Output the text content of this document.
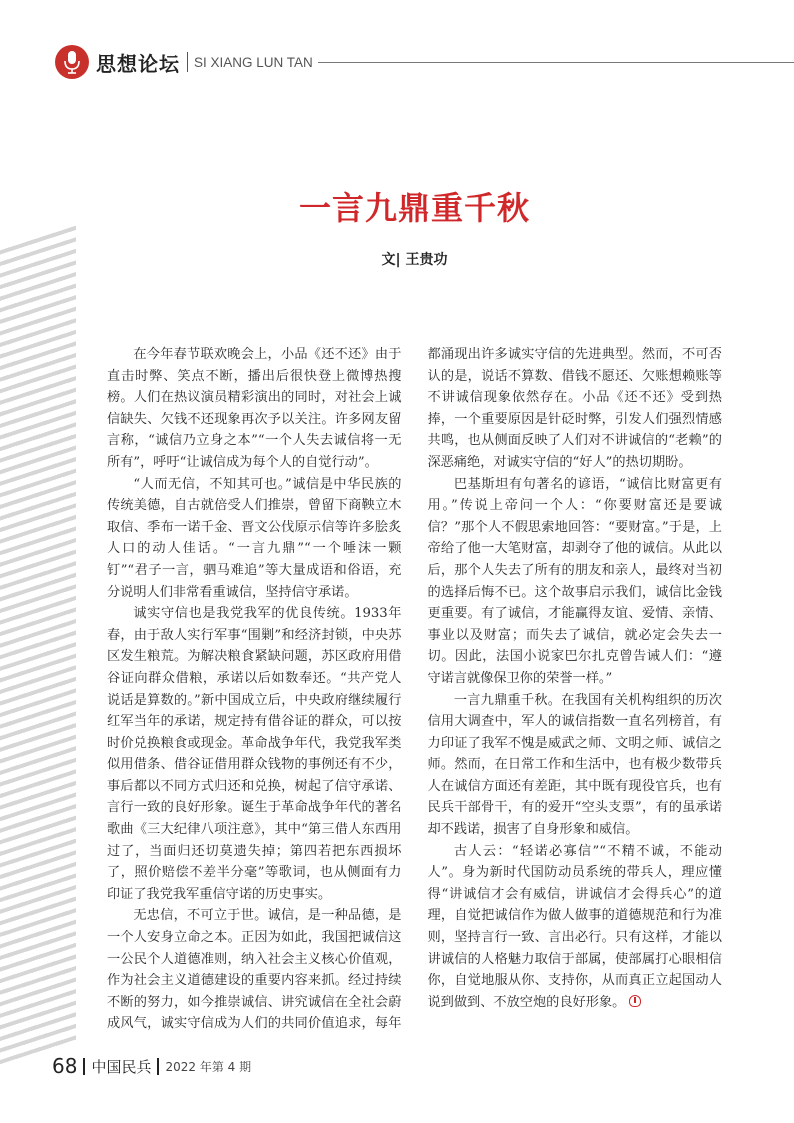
思想论坛 SI XIANG LUN TAN
一言九鼎重千秋
文| 王贵功

在今年春节联欢晚会上，小品《还不还》由于直击时弊、笑点不断，播出后很快登上微博热搜榜。人们在热议演员精彩演出的同时，对社会上诚信缺失、欠钱不还现象再次予以关注。许多网友留言称，“诚信乃立身之本”“一个人失去诚信将一无所有”，呼吁“让诚信成为每个人的自觉行动”。

“人而无信，不知其可也。”诚信是中华民族的传统美德，自古就倍受人们推崇，曾留下商鞅立木取信、季布一诺千金、晋文公伐原示信等许多脍炙人口的动人佳话。“一言九鼎”“一个唾沫一颗钉”“君子一言，驷马难追”等大量成语和俗语，充分说明人们非常看重诚信，坚持信守承诺。

诚实守信也是我党我军的优良传统。1933年春，由于敌人实行军事“围剿”和经济封锁，中央苏区发生粮荒。为解决粮食紧缺问题，苏区政府用借谷证向群众借粮，承诺以后如数奉还。“共产党人说话是算数的。”新中国成立后，中央政府继续履行红军当年的承诺，规定持有借谷证的群众，可以按时价兑换粮食或现金。革命战争年代，我党我军类似用借条、借谷证借用群众钱物的事例还有不少，事后都以不同方式归还和兑换，树起了信守承诺、言行一致的良好形象。诞生于革命战争年代的著名歌曲《三大纪律八项注意》，其中“第三借人东西用过了，当面归还切莫遗失掉；第四若把东西损坏了，照价赔偿不差半分毫”等歌词，也从侧面有力印证了我党我军重信守诺的历史事实。

无忠信，不可立于世。诚信，是一种品德，是一个人安身立命之本。正因为如此，我国把诚信这一公民个人道德准则，纳入社会主义核心价值观，作为社会主义道德建设的重要内容来抓。经过持续不断的努力，如今推崇诚信、讲究诚信在全社会蔚成风气，诚实守信成为人们的共同价值追求，每年都涌现出许多诚实守信的先进典型。然而，不可否认的是，说话不算数、借钱不愿还、欠账想赖账等不讲诚信现象依然存在。小品《还不还》受到热捧，一个重要原因是针砭时弊，引发人们强烈情感共鸣，也从侧面反映了人们对不讲诚信的“老赖”的深恶痛绝，对诚实守信的“好人”的热切期盼。

巴基斯坦有句著名的谚语，“诚信比财富更有用。”传说上帝问一个人：“你要财富还是要诚信？”那个人不假思索地回答：“要财富。”于是，上帝给了他一大笔财富，却剥夺了他的诚信。从此以后，那个人失去了所有的朋友和亲人，最终对当初的选择后悔不已。这个故事启示我们，诚信比金钱更重要。有了诚信，才能赢得友谊、爱情、亲情、事业以及财富；而失去了诚信，就必定会失去一切。因此，法国小说家巴尔扎克曾告诫人们：“遵守诺言就像保卫你的荣誉一样。”

一言九鼎重千秋。在我国有关机构组织的历次信用大调查中，军人的诚信指数一直名列榜首，有力印证了我军不愧是威武之师、文明之师、诚信之师。然而，在日常工作和生活中，也有极少数带兵人在诚信方面还有差距，其中既有现役官兵，也有民兵干部骨干，有的爱开“空头支票”，有的虽承诺却不践诺，损害了自身形象和威信。

古人云：“轻诺必寡信”“不精不诚，不能动人”。身为新时代国防动员系统的带兵人，理应懂得“讲诚信才会有威信，讲诚信才会得兵心”的道理，自觉把诚信作为做人做事的道德规范和行为准则，坚持言行一致、言出必行。只有这样，才能以讲诚信的人格魅力取信于部属，使部属打心眼相信你，自觉地服从你、支持你，从而真正立起国动人说到做到、不放空炮的良好形象。

68 中国民兵 2022 年第 4 期
